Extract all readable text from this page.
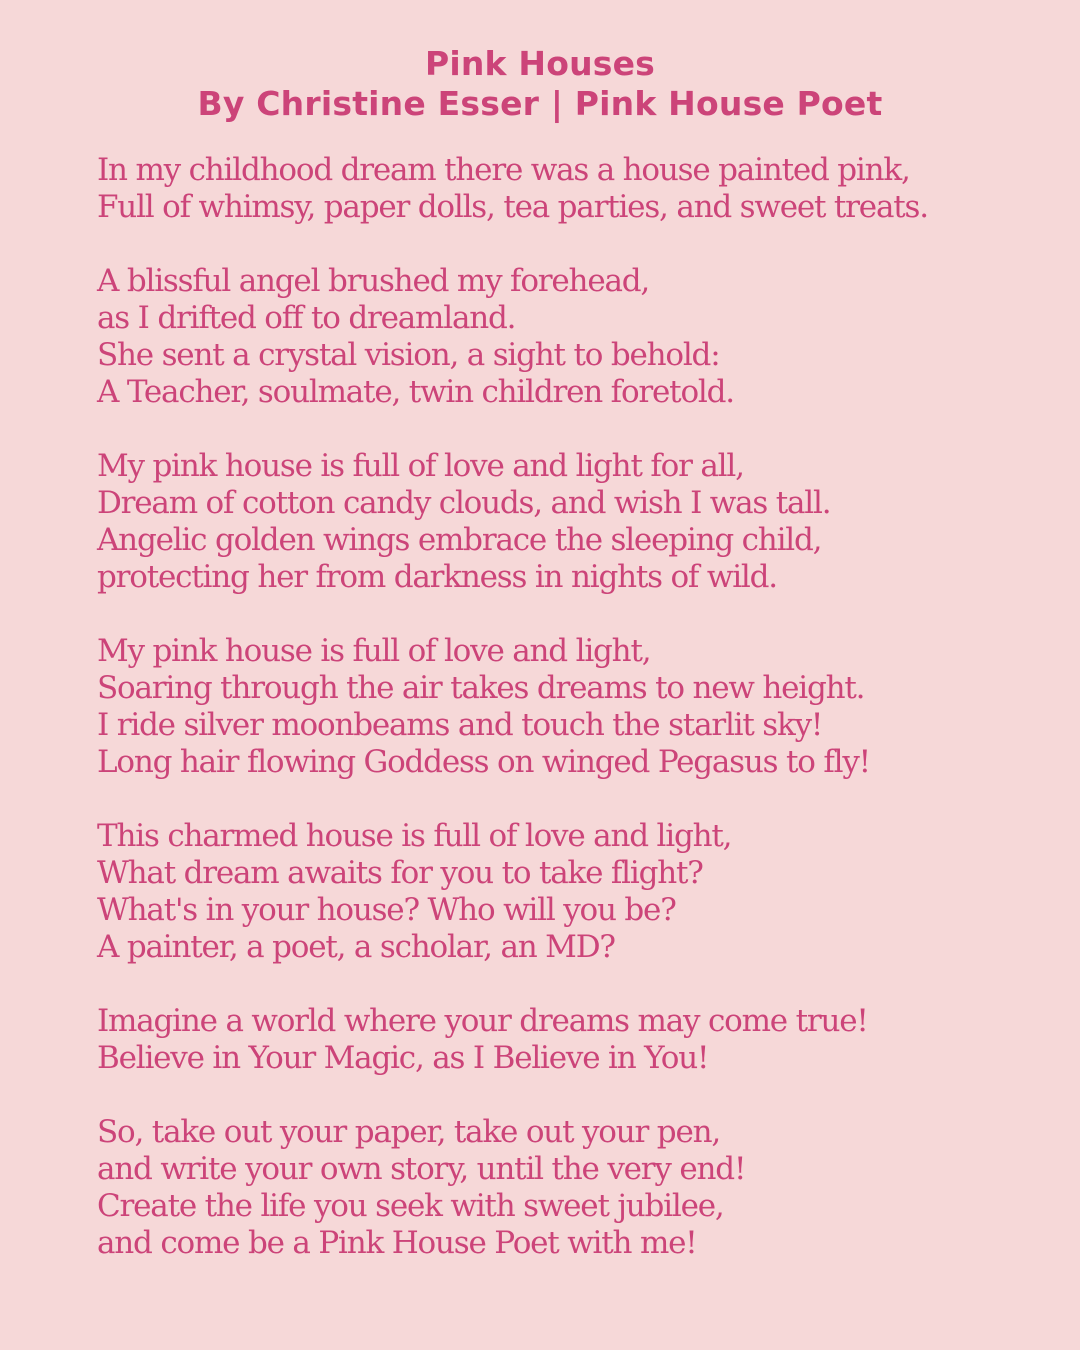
Pink Houses
By Christine Esser | Pink House Poet
In my childhood dream there was a house painted pink,
Full of whimsy, paper dolls, tea parties, and sweet treats.
A blissful angel brushed my forehead,
as I drifted off to dreamland.
She sent a crystal vision, a sight to behold:
A Teacher, soulmate, twin children foretold.
My pink house is full of love and light for all,
Dream of cotton candy clouds, and wish I was tall.
Angelic golden wings embrace the sleeping child,
protecting her from darkness in nights of wild.
My pink house is full of love and light,
Soaring through the air takes dreams to new height.
I ride silver moonbeams and touch the starlit sky!
Long hair flowing Goddess on winged Pegasus to fly!
This charmed house is full of love and light,
What dream awaits for you to take flight?
What's in your house? Who will you be?
A painter, a poet, a scholar, an MD?
Imagine a world where your dreams may come true!
Believe in Your Magic, as I Believe in You!
So, take out your paper, take out your pen,
and write your own story, until the very end!
Create the life you seek with sweet jubilee,
and come be a Pink House Poet with me!
